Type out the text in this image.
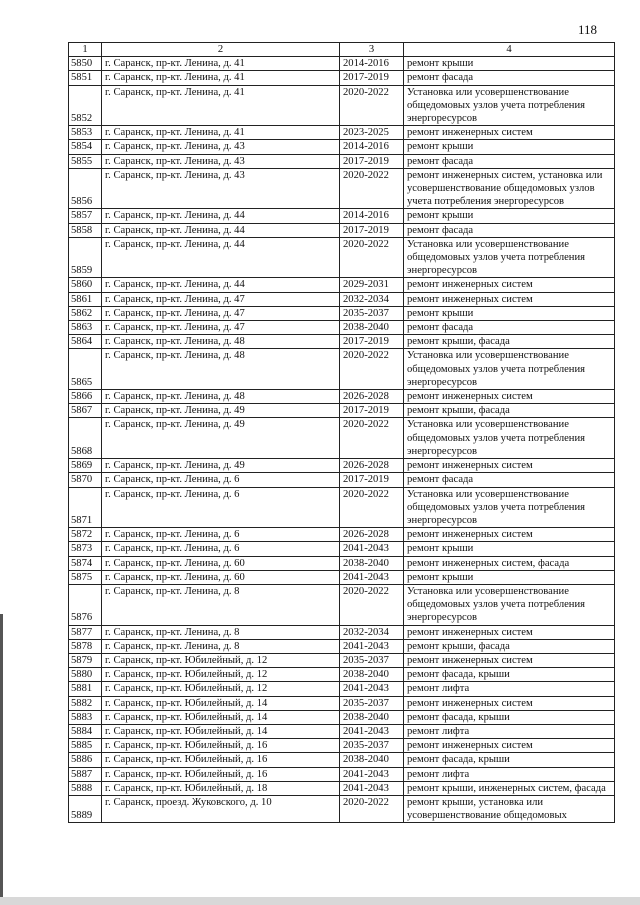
118
1	2	3	4
5850	г. Саранск, пр-кт. Ленина, д. 41	2014-2016	ремонт крыши
5851	г. Саранск, пр-кт. Ленина, д. 41	2017-2019	ремонт фасада
5852	г. Саранск, пр-кт. Ленина, д. 41	2020-2022	Установка или усовершенствование общедомовых узлов учета потребления энергоресурсов
5853	г. Саранск, пр-кт. Ленина, д. 41	2023-2025	ремонт инженерных систем
5854	г. Саранск, пр-кт. Ленина, д. 43	2014-2016	ремонт крыши
5855	г. Саранск, пр-кт. Ленина, д. 43	2017-2019	ремонт фасада
5856	г. Саранск, пр-кт. Ленина, д. 43	2020-2022	ремонт инженерных систем, установка или усовершенствование общедомовых узлов учета потребления энергоресурсов
5857	г. Саранск, пр-кт. Ленина, д. 44	2014-2016	ремонт крыши
5858	г. Саранск, пр-кт. Ленина, д. 44	2017-2019	ремонт фасада
5859	г. Саранск, пр-кт. Ленина, д. 44	2020-2022	Установка или усовершенствование общедомовых узлов учета потребления энергоресурсов
5860	г. Саранск, пр-кт. Ленина, д. 44	2029-2031	ремонт инженерных систем
5861	г. Саранск, пр-кт. Ленина, д. 47	2032-2034	ремонт инженерных систем
5862	г. Саранск, пр-кт. Ленина, д. 47	2035-2037	ремонт крыши
5863	г. Саранск, пр-кт. Ленина, д. 47	2038-2040	ремонт фасада
5864	г. Саранск, пр-кт. Ленина, д. 48	2017-2019	ремонт крыши, фасада
5865	г. Саранск, пр-кт. Ленина, д. 48	2020-2022	Установка или усовершенствование общедомовых узлов учета потребления энергоресурсов
5866	г. Саранск, пр-кт. Ленина, д. 48	2026-2028	ремонт инженерных систем
5867	г. Саранск, пр-кт. Ленина, д. 49	2017-2019	ремонт крыши, фасада
5868	г. Саранск, пр-кт. Ленина, д. 49	2020-2022	Установка или усовершенствование общедомовых узлов учета потребления энергоресурсов
5869	г. Саранск, пр-кт. Ленина, д. 49	2026-2028	ремонт инженерных систем
5870	г. Саранск, пр-кт. Ленина, д. 6	2017-2019	ремонт фасада
5871	г. Саранск, пр-кт. Ленина, д. 6	2020-2022	Установка или усовершенствование общедомовых узлов учета потребления энергоресурсов
5872	г. Саранск, пр-кт. Ленина, д. 6	2026-2028	ремонт инженерных систем
5873	г. Саранск, пр-кт. Ленина, д. 6	2041-2043	ремонт крыши
5874	г. Саранск, пр-кт. Ленина, д. 60	2038-2040	ремонт инженерных систем, фасада
5875	г. Саранск, пр-кт. Ленина, д. 60	2041-2043	ремонт крыши
5876	г. Саранск, пр-кт. Ленина, д. 8	2020-2022	Установка или усовершенствование общедомовых узлов учета потребления энергоресурсов
5877	г. Саранск, пр-кт. Ленина, д. 8	2032-2034	ремонт инженерных систем
5878	г. Саранск, пр-кт. Ленина, д. 8	2041-2043	ремонт крыши, фасада
5879	г. Саранск, пр-кт. Юбилейный, д. 12	2035-2037	ремонт инженерных систем
5880	г. Саранск, пр-кт. Юбилейный, д. 12	2038-2040	ремонт фасада, крыши
5881	г. Саранск, пр-кт. Юбилейный, д. 12	2041-2043	ремонт лифта
5882	г. Саранск, пр-кт. Юбилейный, д. 14	2035-2037	ремонт инженерных систем
5883	г. Саранск, пр-кт. Юбилейный, д. 14	2038-2040	ремонт фасада, крыши
5884	г. Саранск, пр-кт. Юбилейный, д. 14	2041-2043	ремонт лифта
5885	г. Саранск, пр-кт. Юбилейный, д. 16	2035-2037	ремонт инженерных систем
5886	г. Саранск, пр-кт. Юбилейный, д. 16	2038-2040	ремонт фасада, крыши
5887	г. Саранск, пр-кт. Юбилейный, д. 16	2041-2043	ремонт лифта
5888	г. Саранск, пр-кт. Юбилейный, д. 18	2041-2043	ремонт крыши, инженерных систем, фасада
5889	г. Саранск, проезд. Жуковского, д. 10	2020-2022	ремонт крыши, установка или усовершенствование общедомовых
